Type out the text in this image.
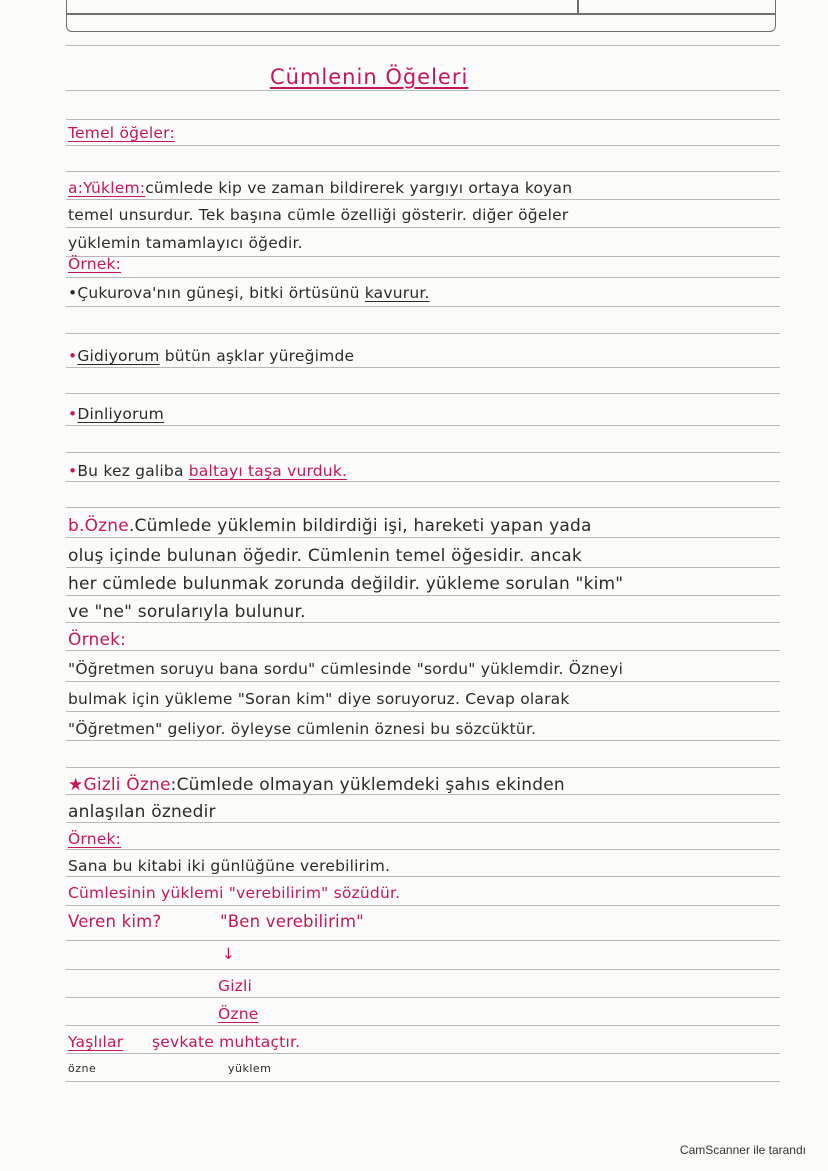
Cümlenin Öğeleri
Temel öğeler:
a:Yüklem:cümlede kip ve zaman bildirerek yargıyı ortaya koyan
temel unsurdur. Tek başına cümle özelliği gösterir. diğer öğeler
yüklemin tamamlayıcı öğedir.
Örnek:
•Çukurova'nın güneşi, bitki örtüsünü kavurur.
•Gidiyorum bütün aşklar yüreğimde
•Dinliyorum
•Bu kez galiba baltayı taşa vurduk.
b.Özne.Cümlede yüklemin bildirdiği işi, hareketi yapan yada
oluş içinde bulunan öğedir. Cümlenin temel öğesidir. ancak
her cümlede bulunmak zorunda değildir. yükleme sorulan "kim"
ve "ne" sorularıyla bulunur.
Örnek:
"Öğretmen soruyu bana sordu" cümlesinde "sordu" yüklemdir. Özneyi
bulmak için yükleme "Soran kim" diye soruyoruz. Cevap olarak
"Öğretmen" geliyor. öyleyse cümlenin öznesi bu sözcüktür.
★Gizli Özne:Cümlede olmayan yüklemdeki şahıs ekinden
anlaşılan öznedir
Örnek:
Sana bu kitabi iki günlüğüne verebilirim.
Cümlesinin yüklemi "verebilirim" sözüdür.
Veren kim?	"Ben verebilirim"
↓
Gizli
Özne
Yaşlılar şevkate muhtaçtır.
özne	yüklem
CamScanner ile tarandı
